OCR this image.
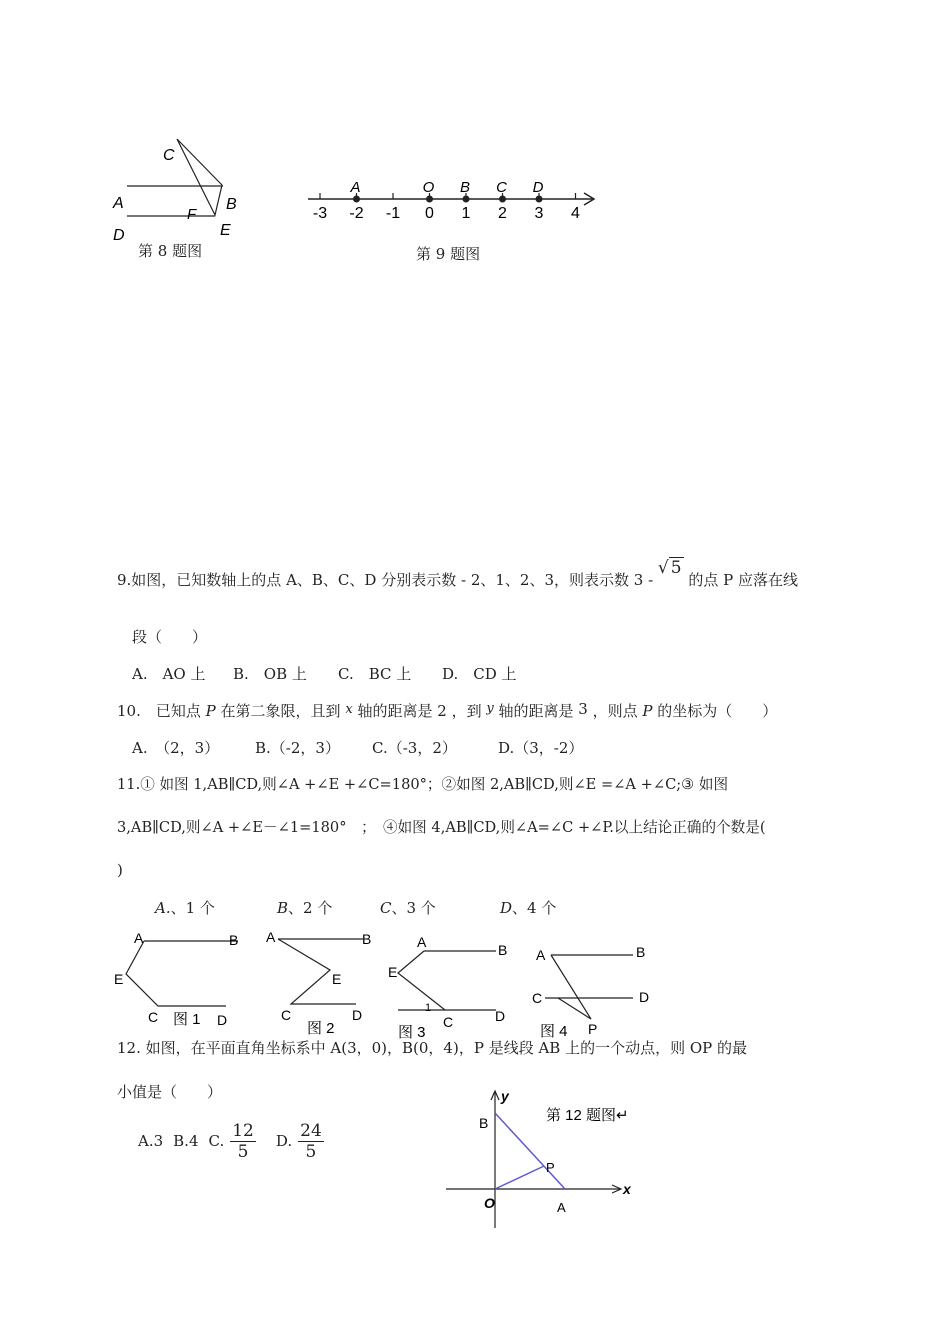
C
A
F
B
D	E
第 8 题图
-3 -2 -1 0 1 2 3 4
A	O B C D
第 9 题图
9.如图，已知数轴上的点 A、B、C、D 分别表示数 - 2、1、2、3，则表示数 3 - √ 5 的点 P 应落在线
段（　　）
A.　AO 上 B.　OB 上 C.　BC 上 D.　CD 上
10.　已知点 P 在第二象限，且到 x 轴的距离是 2 ，到 y 轴的距离是 3 ，则点 P 的坐标为（　　）
A.　（2，3） B.（-2，3） C.（-3，2）	D.（3，-2）
11.① 如图 1,AB∥CD,则∠A +∠E +∠C=180°；②如图 2,AB∥CD,则∠E =∠A +∠C;③ 如图
3,AB∥CD,则∠A +∠E－∠1=180°　；　④如图 4,AB∥CD,则∠A=∠C +∠P.以上结论正确的个数是(
)
A.、1 个	B、2 个	C、3 个	D、4 个
A	B
E
C	D
图 1
A	B
E
C	D
图 2
A	B
E
1
C	D
图 3
A	B
C	D
P
图 4
12. 如图，在平面直角坐标系中 A(3，0)，B(0，4)，P 是线段 AB 上的一个动点，则 OP 的最
小值是（　　）
A.3 B.4 C. $\frac{12}{5} D$. $\frac{24}{5}$
y
x
B
P
O	A
第 12 题图↵
